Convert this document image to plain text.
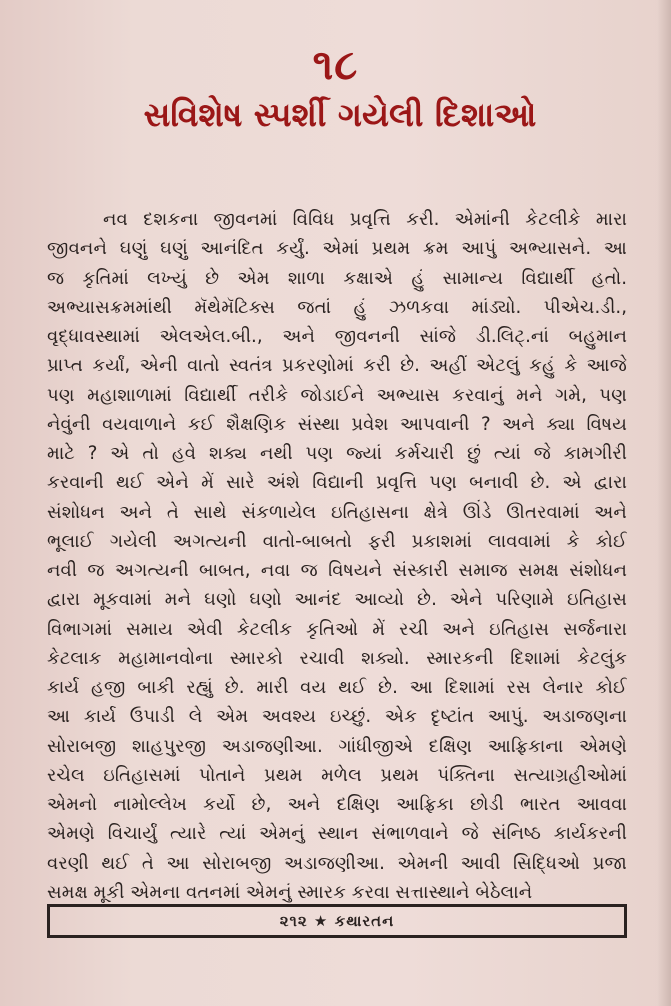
૧૮
સવિશેષ સ્પર્શી ગયેલી દિશાઓ
નવ દશકના જીવનમાં વિવિધ પ્રવૃત્તિ કરી. એમાંની કેટલીકે મારા
જીવનને ઘણું ઘણું આનંદિત કર્યું. એમાં પ્રથમ ક્રમ આપું અભ્યાસને. આ
જ કૃતિમાં લખ્યું છે એમ શાળા કક્ષાએ હું સામાન્ય વિદ્યાર્થી હતો.
અભ્યાસક્રમમાંથી મૅથેમૅટિક્સ જતાં હું ઝળકવા માંડ્યો. પીએચ.ડી.,
વૃદ્ધાવસ્થામાં એલએલ.બી., અને જીવનની સાંજે ડી.લિટ્.નાં બહુમાન
પ્રાપ્ત કર્યાં, એની વાતો સ્વતંત્ર પ્રકરણોમાં કરી છે. અહીં એટલું કહું કે આજે
પણ મહાશાળામાં વિદ્યાર્થી તરીકે જોડાઈને અભ્યાસ કરવાનું મને ગમે, પણ
નેવુંની વયવાળાને કઈ શૈક્ષણિક સંસ્થા પ્રવેશ આપવાની ? અને ક્યા વિષય
માટે ? એ તો હવે શક્ય નથી પણ જ્યાં કર્મચારી છું ત્યાં જે કામગીરી
કરવાની થઈ એને મેં સારે અંશે વિદ્યાની પ્રવૃત્તિ પણ બનાવી છે. એ દ્વારા
સંશોધન અને તે સાથે સંકળાયેલ ઇતિહાસના ક્ષેત્રે ઊંડે ઊતરવામાં અને
ભૂલાઈ ગયેલી અગત્યની વાતો-બાબતો ફરી પ્રકાશમાં લાવવામાં કે કોઈ
નવી જ અગત્યની બાબત, નવા જ વિષયને સંસ્કારી સમાજ સમક્ષ સંશોધન
દ્વારા મૂકવામાં મને ઘણો ઘણો આનંદ આવ્યો છે. એને પરિણામે ઇતિહાસ
વિભાગમાં સમાય એવી કેટલીક કૃતિઓ મેં રચી અને ઇતિહાસ સર્જનારા
કેટલાક મહામાનવોના સ્મારકો રચાવી શક્યો. સ્મારકની દિશામાં કેટલુંક
કાર્ય હજી બાકી રહ્યું છે. મારી વય થઈ છે. આ દિશામાં રસ લેનાર કોઈ
આ કાર્ય ઉપાડી લે એમ અવશ્ય ઇચ્છું. એક દૃષ્ટાંત આપું. અડાજણના
સોરાબજી શાહપુરજી અડાજણીઆ. ગાંધીજીએ દક્ષિણ આફ્રિકાના એમણે
રચેલ ઇતિહાસમાં પોતાને પ્રથમ મળેલ પ્રથમ પંક્તિના સત્યાગ્રહીઓમાં
એમનો નામોલ્લેખ કર્યો છે, અને દક્ષિણ આફ્રિકા છોડી ભારત આવવા
એમણે વિચાર્યું ત્યારે ત્યાં એમનું સ્થાન સંભાળવાને જે સંનિષ્ઠ કાર્યકરની
વરણી થઈ તે આ સોરાબજી અડાજણીઆ. એમની આવી સિદ્ધિઓ પ્રજા
સમક્ષ મૂકી એમના વતનમાં એમનું સ્મારક કરવા સત્તાસ્થાને બેઠેલાને
૨૧૨ ★ કથારતન
